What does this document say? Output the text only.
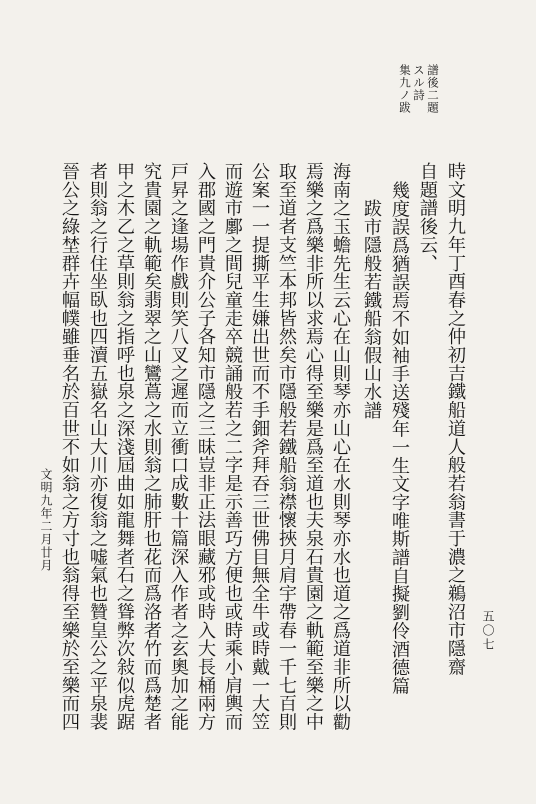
譜後二題
スル詩
集九ノ跋
時文明九年丁酉春之仲初吉鐵船道人般若翁書于濃之鵜沼市隱齋
自題譜後云、
幾度誤爲猶誤焉不如袖手送殘年一生文字唯斯譜自擬劉伶酒德篇
跋市隱般若鐵船翁假山水譜
海南之玉蟾先生云心在山則琴亦山心在水則琴亦水也道之爲道非所以勸
焉樂之爲樂非所以求焉心得至樂是爲至道也夫泉石貴園之軌範至樂之中
取至道者支竺本邦皆然矣市隱般若鐵船翁襟懷挾月肩宇帶春一千七百則
公案一一提撕平生嫌出世而不手鈿斧拜吞三世佛目無全牛或時戴一大笠
而遊市鄽之間兒童走卒競誦般若之二字是示善巧方便也或時乘小肩輿而
入郡國之門貴介公子各知市隱之三昧豈非正法眼藏邪或時入大長桶兩方
戸昇之逢場作戲則笑八叉之遲而立衝口成數十篇深入作者之玄奧加之能
究貴園之軌範矣翡翠之山鸞蔦之水則翁之肺肝也花而爲洛者竹而爲楚者
甲之木乙之草則翁之指呼也泉之深淺屆曲如龍舞者石之聳弊次敍似虎踞
者則翁之行住坐臥也四瀆五嶽名山大川亦復翁之嘘氣也贊皇公之平泉裴
晉公之綠埜群卉幅幞雖垂名於百世不如翁之方寸也翁得至樂於至樂而四	五〇七
文明九年二月廿月
